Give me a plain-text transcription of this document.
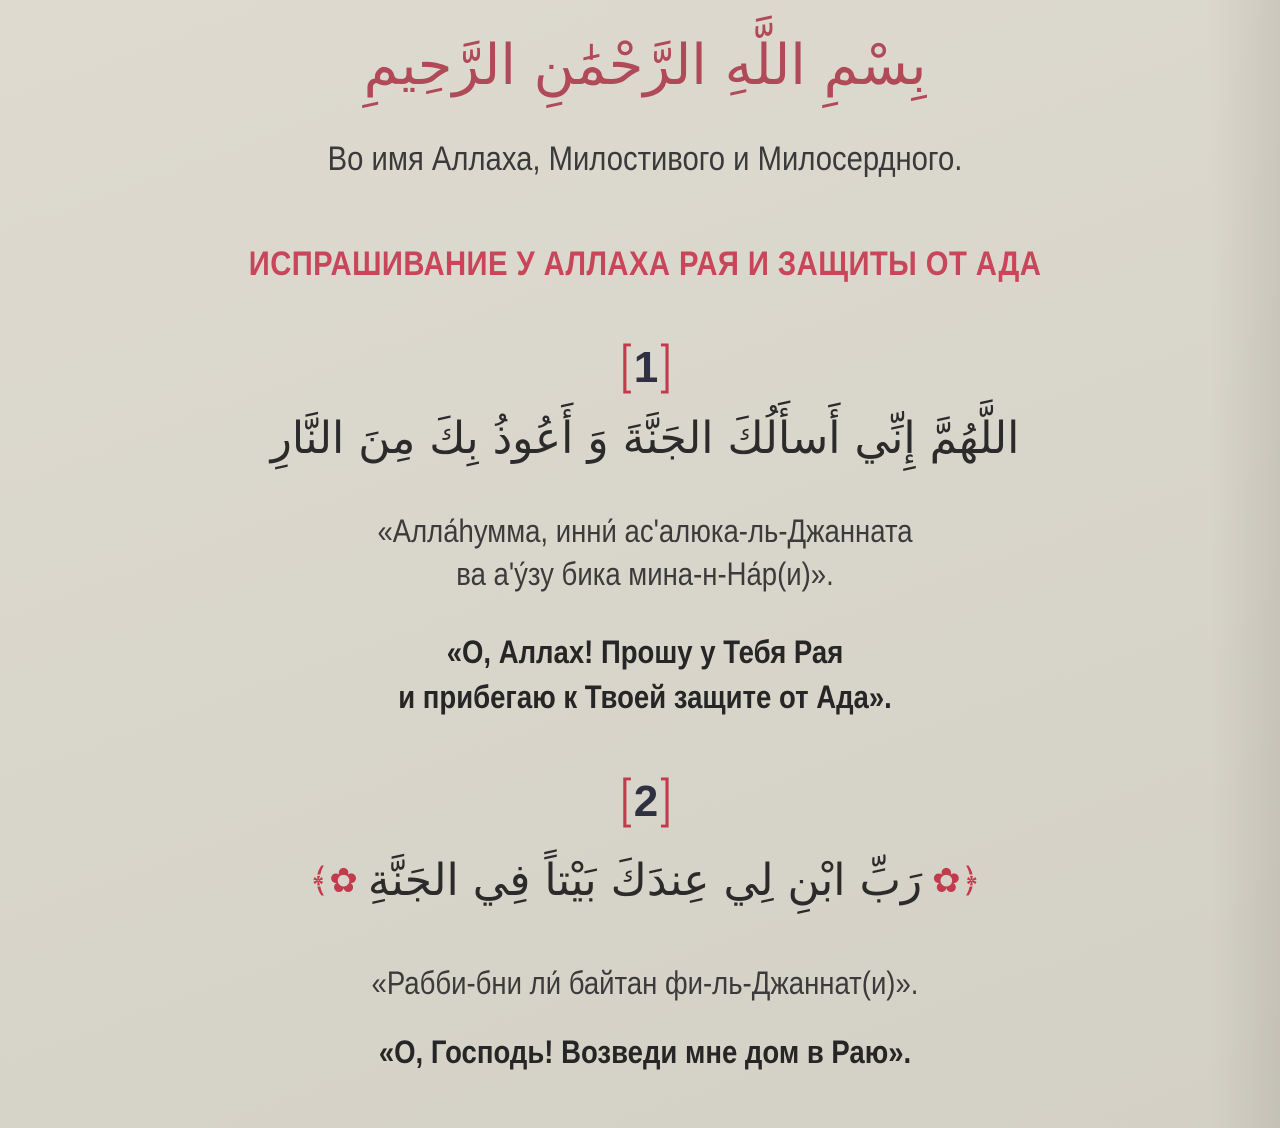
بِسْمِ اللَّهِ الرَّحْمَٰنِ الرَّحِيمِ
Во имя Аллаха, Милостивого и Милосердного.
ИСПРАШИВАНИЕ У АЛЛАХА РАЯ И ЗАЩИТЫ ОТ АДА
[ 1 ]
اللَّهُمَّ إِنِّي أَسأَلُكَ الجَنَّةَ وَ أَعُوذُ بِكَ مِنَ النَّارِ
«Алла́hумма, инни́ ас'алюка-ль-Джанната
ва а'у́зу бика мина-н-На́р(и)».
«О, Аллах! Прошу у Тебя Рая
и прибегаю к Твоей защите от Ада».
[ 2 ]
﴾✿ رَبِّ ابْنِ لِي عِندَكَ بَيْتاً فِي الجَنَّةِ ✿﴿
«Рабби-бни ли́ байтан фи-ль-Джаннат(и)».
«О, Господь! Возведи мне дом в Раю».
